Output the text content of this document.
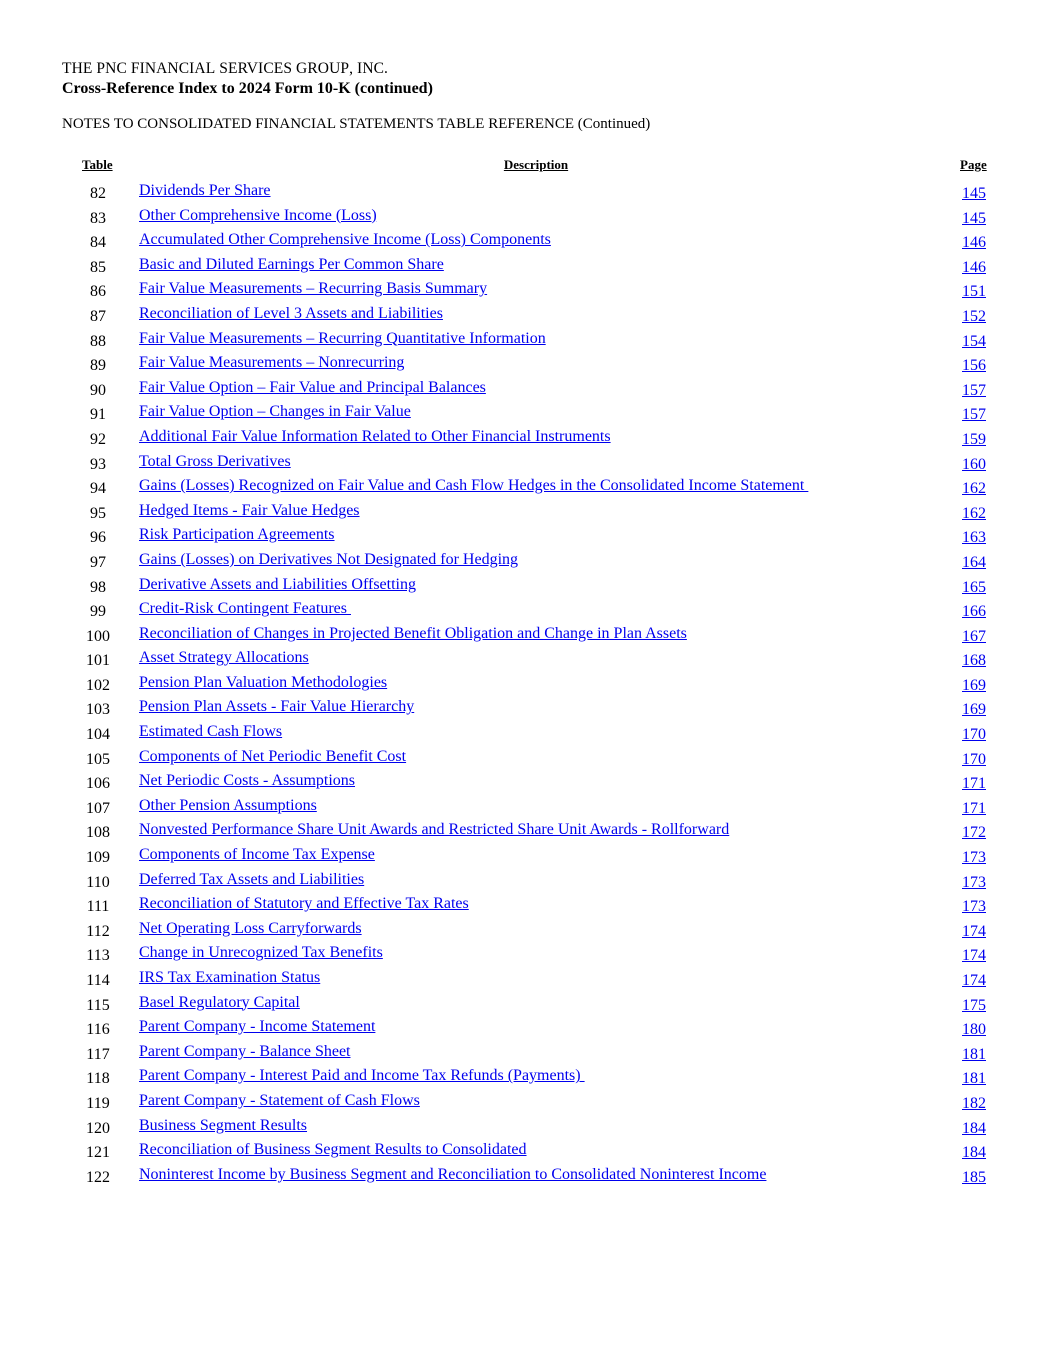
THE PNC FINANCIAL SERVICES GROUP, INC.
Cross-Reference Index to 2024 Form 10-K (continued)
NOTES TO CONSOLIDATED FINANCIAL STATEMENTS TABLE REFERENCE (Continued)
Table	Description	Page
82	Dividends Per Share	145
83	Other Comprehensive Income (Loss)	145
84	Accumulated Other Comprehensive Income (Loss) Components	146
85	Basic and Diluted Earnings Per Common Share	146
86	Fair Value Measurements – Recurring Basis Summary	151
87	Reconciliation of Level 3 Assets and Liabilities	152
88	Fair Value Measurements – Recurring Quantitative Information	154
89	Fair Value Measurements – Nonrecurring	156
90	Fair Value Option – Fair Value and Principal Balances	157
91	Fair Value Option – Changes in Fair Value	157
92	Additional Fair Value Information Related to Other Financial Instruments	159
93	Total Gross Derivatives	160
94	Gains (Losses) Recognized on Fair Value and Cash Flow Hedges in the Consolidated Income Statement	162
95	Hedged Items - Fair Value Hedges	162
96	Risk Participation Agreements	163
97	Gains (Losses) on Derivatives Not Designated for Hedging	164
98	Derivative Assets and Liabilities Offsetting	165
99	Credit-Risk Contingent Features	166
100	Reconciliation of Changes in Projected Benefit Obligation and Change in Plan Assets	167
101	Asset Strategy Allocations	168
102	Pension Plan Valuation Methodologies	169
103	Pension Plan Assets - Fair Value Hierarchy	169
104	Estimated Cash Flows	170
105	Components of Net Periodic Benefit Cost	170
106	Net Periodic Costs - Assumptions	171
107	Other Pension Assumptions	171
108	Nonvested Performance Share Unit Awards and Restricted Share Unit Awards - Rollforward	172
109	Components of Income Tax Expense	173
110	Deferred Tax Assets and Liabilities	173
111	Reconciliation of Statutory and Effective Tax Rates	173
112	Net Operating Loss Carryforwards	174
113	Change in Unrecognized Tax Benefits	174
114	IRS Tax Examination Status	174
115	Basel Regulatory Capital	175
116	Parent Company - Income Statement	180
117	Parent Company - Balance Sheet	181
118	Parent Company - Interest Paid and Income Tax Refunds (Payments)	181
119	Parent Company - Statement of Cash Flows	182
120	Business Segment Results	184
121	Reconciliation of Business Segment Results to Consolidated	184
122	Noninterest Income by Business Segment and Reconciliation to Consolidated Noninterest Income	185
